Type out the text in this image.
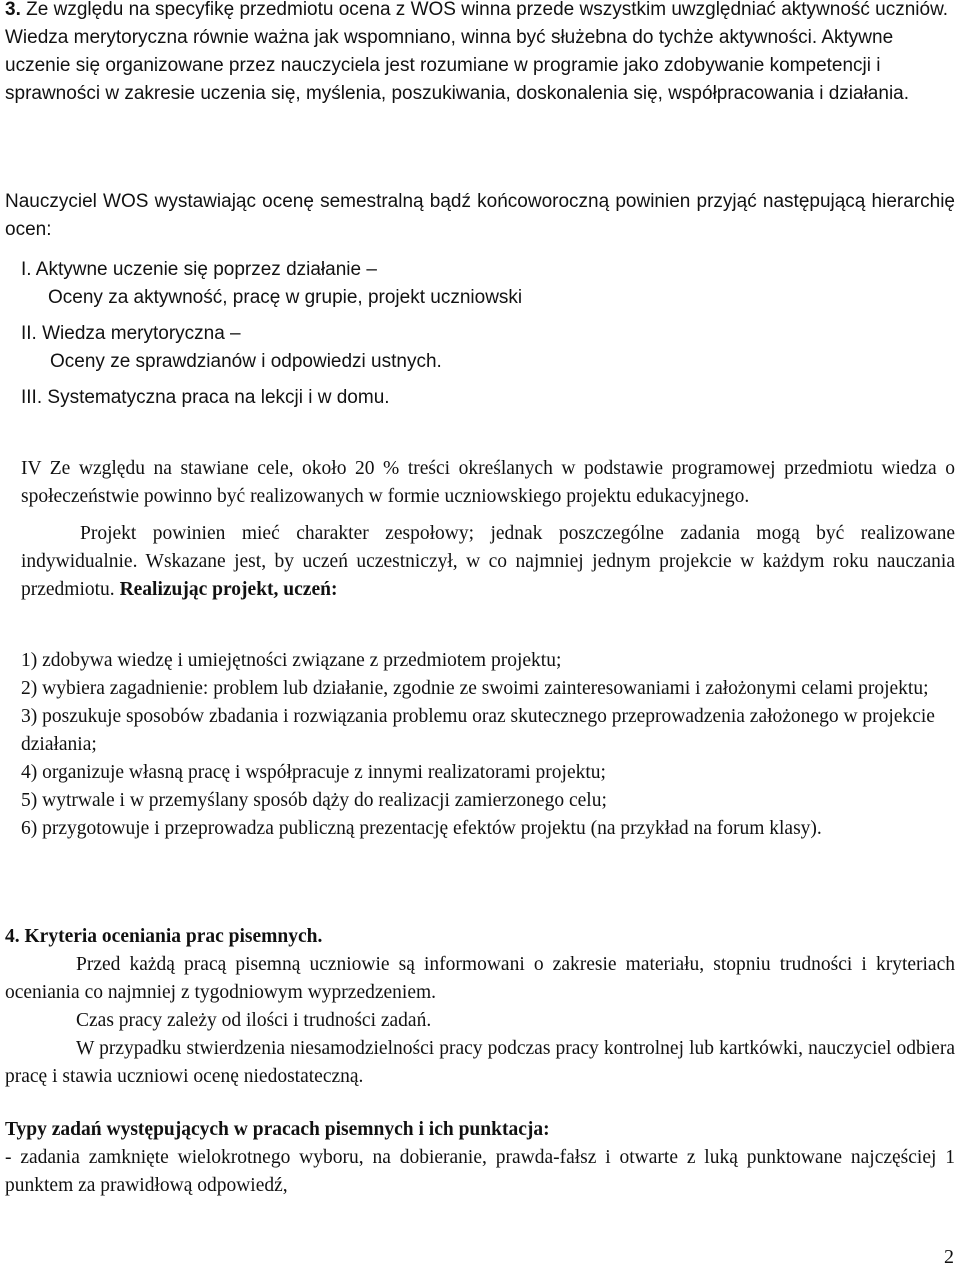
3. Ze względu na specyfikę przedmiotu ocena z WOS winna przede wszystkim uwzględniać aktywność uczniów.

Wiedza merytoryczna równie ważna jak wspomniano, winna być służebna do tychże aktywności. Aktywne uczenie się organizowane przez nauczyciela jest rozumiane w programie jako zdobywanie kompetencji i sprawności w zakresie uczenia się, myślenia, poszukiwania, doskonalenia się, współpracowania i działania.

Nauczyciel WOS wystawiając ocenę semestralną bądź końcoworoczną powinien przyjąć następującą hierarchię ocen:

I. Aktywne uczenie się poprzez działanie –
Oceny za aktywność, pracę w grupie, projekt uczniowski
II. Wiedza merytoryczna –
Oceny ze sprawdzianów i odpowiedzi ustnych.
III. Systematyczna praca na lekcji i w domu.

IV Ze względu na stawiane cele, około 20 % treści określanych w podstawie programowej przedmiotu wiedza o społeczeństwie powinno być realizowanych w formie uczniowskiego projektu edukacyjnego.

Projekt powinien mieć charakter zespołowy; jednak poszczególne zadania mogą być realizowane indywidualnie. Wskazane jest, by uczeń uczestniczył, w co najmniej jednym projekcie w każdym roku nauczania przedmiotu. Realizując projekt, uczeń:

1) zdobywa wiedzę i umiejętności związane z przedmiotem projektu;

2) wybiera zagadnienie: problem lub działanie, zgodnie ze swoimi zainteresowaniami i założonymi celami projektu;

3) poszukuje sposobów zbadania i rozwiązania problemu oraz skutecznego przeprowadzenia założonego w projekcie działania;

4) organizuje własną pracę i współpracuje z innymi realizatorami projektu;

5) wytrwale i w przemyślany sposób dąży do realizacji zamierzonego celu;

6) przygotowuje i przeprowadza publiczną prezentację efektów projektu (na przykład na forum klasy).

4. Kryteria oceniania prac pisemnych.

Przed każdą pracą pisemną uczniowie są informowani o zakresie materiału, stopniu trudności i kryteriach oceniania co najmniej z tygodniowym wyprzedzeniem.

Czas pracy zależy od ilości i trudności zadań.

W przypadku stwierdzenia niesamodzielności pracy podczas pracy kontrolnej lub kartkówki, nauczyciel odbiera pracę i stawia uczniowi ocenę niedostateczną.

Typy zadań występujących w pracach pisemnych i ich punktacja:

- zadania zamknięte wielokrotnego wyboru, na dobieranie, prawda-fałsz i otwarte z luką punktowane najczęściej 1 punktem za prawidłową odpowiedź,

2
